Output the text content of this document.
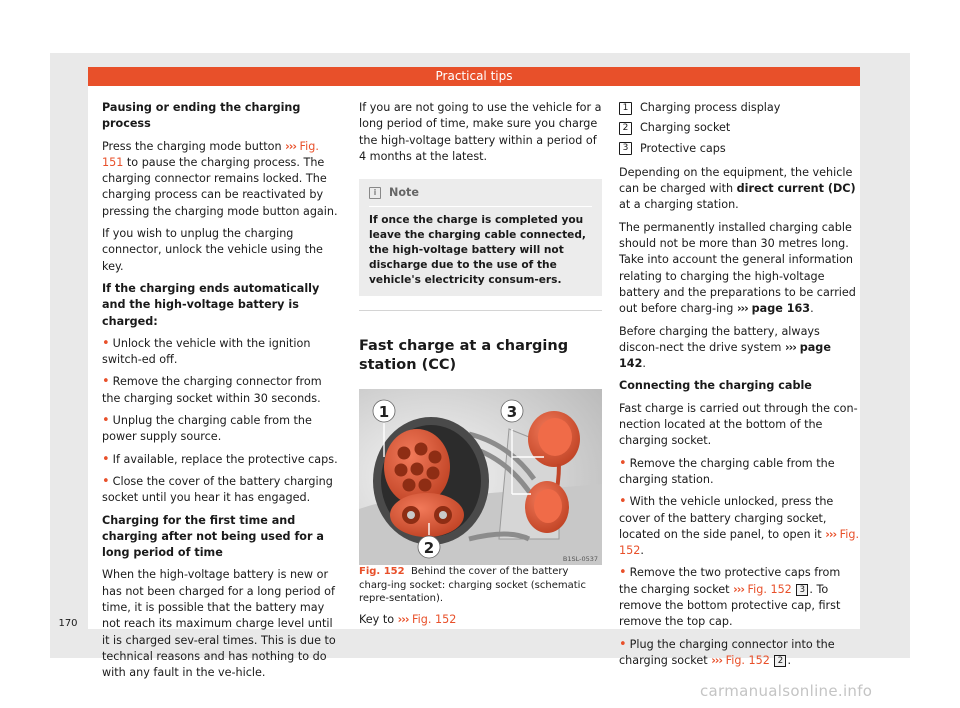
Practical tips

Pausing or ending the charging process

Press the charging mode button ››› Fig. 151 to pause the charging process. The charging connector remains locked. The charging process can be reactivated by pressing the charging mode button again.

If you wish to unplug the charging connector, unlock the vehicle using the key.

If the charging ends automatically and the high-voltage battery is charged:

• Unlock the vehicle with the ignition switch-ed off.

• Remove the charging connector from the charging socket within 30 seconds.

• Unplug the charging cable from the power supply source.

• If available, replace the protective caps.

• Close the cover of the battery charging socket until you hear it has engaged.

Charging for the first time and charging after not being used for a long period of time

When the high-voltage battery is new or has not been charged for a long period of time, it is possible that the battery may not reach its maximum charge level until it is charged sev-eral times. This is due to technical reasons and has nothing to do with any fault in the ve-hicle.

If you are not going to use the vehicle for a long period of time, make sure you charge the high-voltage battery within a period of 4 months at the latest.

i	Note
If once the charge is completed you leave the charging cable connected, the high-voltage battery will not discharge due to the use of the vehicle's electricity consum-ers.
Fast charge at a charging station (CC)
1
2
3
B1SL-0537

Fig. 152 Behind the cover of the battery charg-ing socket: charging socket (schematic repre-sentation).

Key to ››› Fig. 152

1	Charging process display
2	Charging socket
3	Protective caps

Depending on the equipment, the vehicle can be charged with direct current (DC) at a charging station.

The permanently installed charging cable should not be more than 30 metres long. Take into account the general information relating to charging the high-voltage battery and the preparations to be carried out before charg-ing ››› page 163.

Before charging the battery, always discon-nect the drive system ››› page 142.

Connecting the charging cable

Fast charge is carried out through the con-nection located at the bottom of the charging socket.

• Remove the charging cable from the charging station.

• With the vehicle unlocked, press the cover of the battery charging socket, located on the side panel, to open it ››› Fig. 152.

• Remove the two protective caps from the charging socket ››› Fig. 152 3 . To remove the bottom protective cap, first remove the top cap.

• Plug the charging connector into the charging socket ››› Fig. 152 2 .

170
carmanualsonline.info
